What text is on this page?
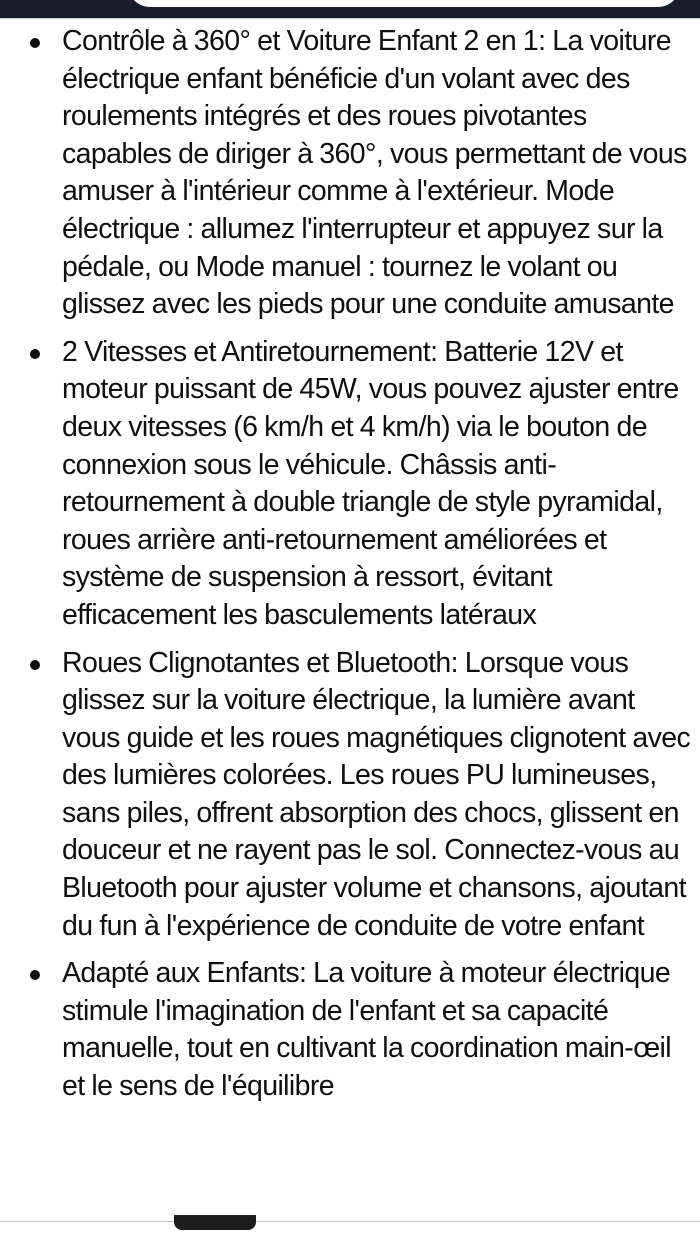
Contrôle à 360° et Voiture Enfant 2 en 1: La voiture électrique enfant bénéficie d'un volant avec des roulements intégrés et des roues pivotantes capables de diriger à 360°, vous permettant de vous amuser à l'intérieur comme à l'extérieur. Mode électrique : allumez l'interrupteur et appuyez sur la pédale, ou Mode manuel : tournez le volant ou glissez avec les pieds pour une conduite amusante
2 Vitesses et Antiretournement: Batterie 12V et moteur puissant de 45W, vous pouvez ajuster entre deux vitesses (6 km/h et 4 km/h) via le bouton de connexion sous le véhicule. Châssis anti-retournement à double triangle de style pyramidal, roues arrière anti-retournement améliorées et système de suspension à ressort, évitant efficacement les basculements latéraux
Roues Clignotantes et Bluetooth: Lorsque vous glissez sur la voiture électrique, la lumière avant vous guide et les roues magnétiques clignotent avec des lumières colorées. Les roues PU lumineuses, sans piles, offrent absorption des chocs, glissent en douceur et ne rayent pas le sol. Connectez-vous au Bluetooth pour ajuster volume et chansons, ajoutant du fun à l'expérience de conduite de votre enfant
Adapté aux Enfants: La voiture à moteur électrique stimule l'imagination de l'enfant et sa capacité manuelle, tout en cultivant la coordination main-œil et le sens de l'équilibre
